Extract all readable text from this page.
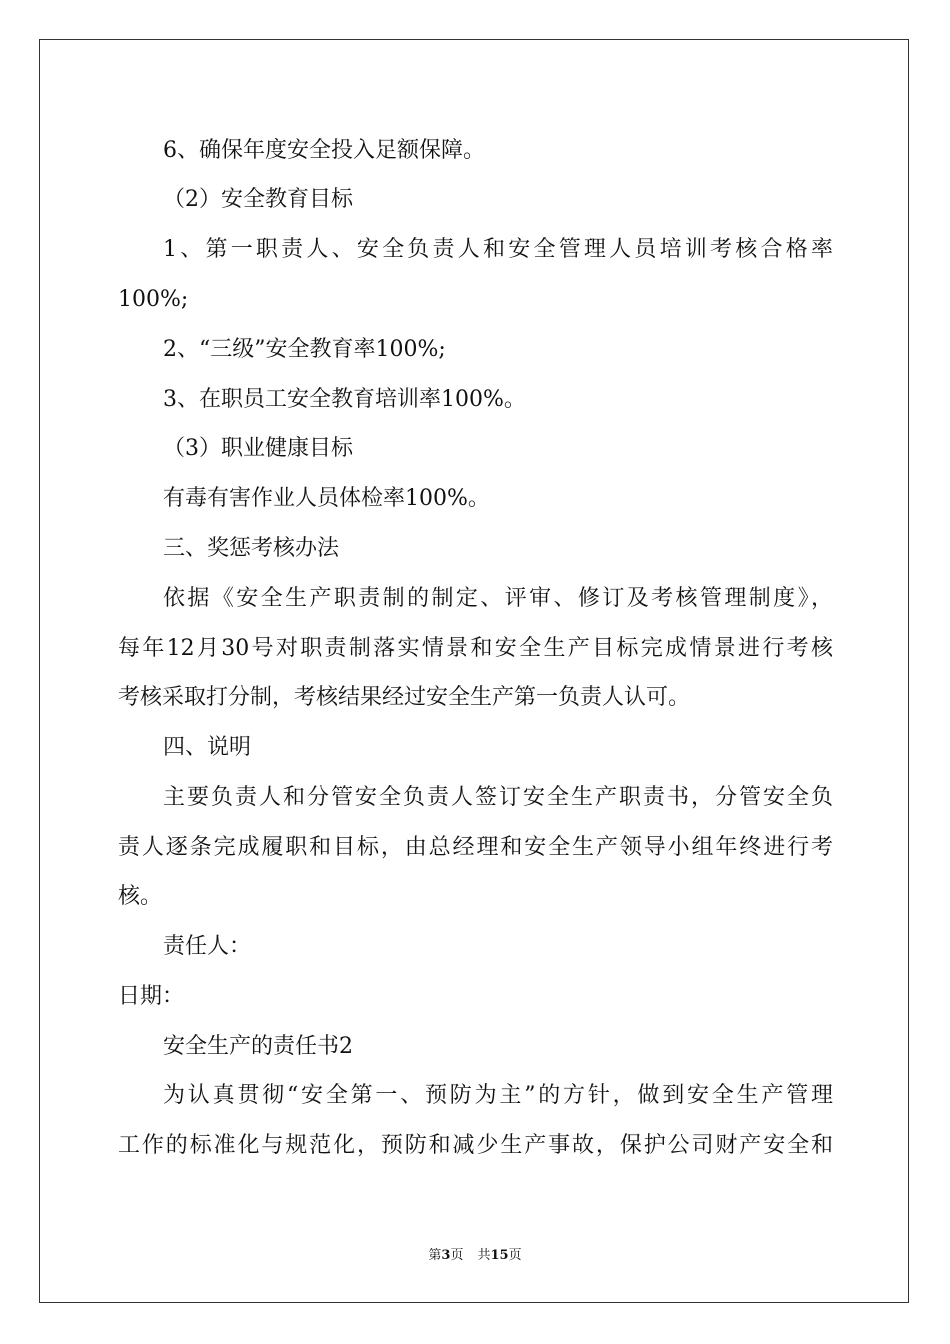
6、确保年度安全投入足额保障。
（2）安全教育目标
1、第一职责人、安全负责人和安全管理人员培训考核合格率
100%;
2、“三级”安全教育率100%;
3、在职员工安全教育培训率100%。
（3）职业健康目标
有毒有害作业人员体检率100%。
三、奖惩考核办法
依据《安全生产职责制的制定、评审、修订及考核管理制度》，
每年12月30号对职责制落实情景和安全生产目标完成情景进行考核
考核采取打分制，考核结果经过安全生产第一负责人认可。
四、说明
主要负责人和分管安全负责人签订安全生产职责书，分管安全负
责人逐条完成履职和目标，由总经理和安全生产领导小组年终进行考
核。
责任人：
日期：
安全生产的责任书2
为认真贯彻“安全第一、预防为主”的方针，做到安全生产管理
工作的标准化与规范化，预防和减少生产事故，保护公司财产安全和
第3页 共15页
